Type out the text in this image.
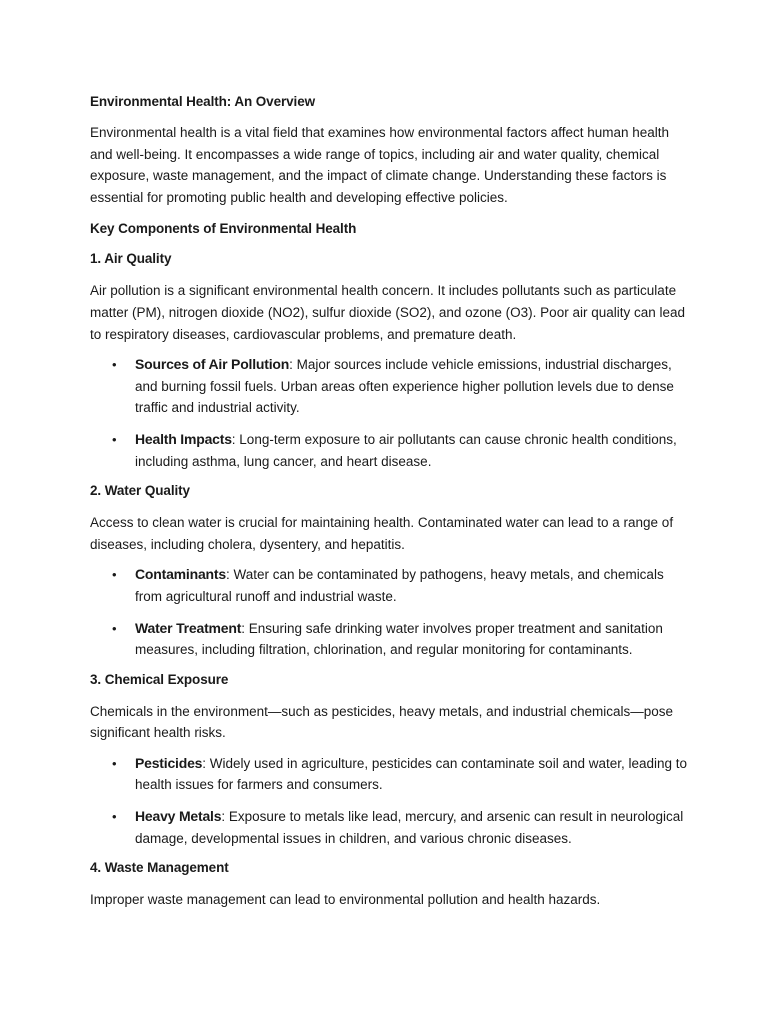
Environmental Health: An Overview

Environmental health is a vital field that examines how environmental factors affect human health and well-being. It encompasses a wide range of topics, including air and water quality, chemical exposure, waste management, and the impact of climate change. Understanding these factors is essential for promoting public health and developing effective policies.

Key Components of Environmental Health
1. Air Quality

Air pollution is a significant environmental health concern. It includes pollutants such as particulate matter (PM), nitrogen dioxide (NO2), sulfur dioxide (SO2), and ozone (O3). Poor air quality can lead to respiratory diseases, cardiovascular problems, and premature death.

• Sources of Air Pollution: Major sources include vehicle emissions, industrial discharges, and burning fossil fuels. Urban areas often experience higher pollution levels due to dense traffic and industrial activity.
• Health Impacts: Long-term exposure to air pollutants can cause chronic health conditions, including asthma, lung cancer, and heart disease.
2. Water Quality

Access to clean water is crucial for maintaining health. Contaminated water can lead to a range of diseases, including cholera, dysentery, and hepatitis.

• Contaminants: Water can be contaminated by pathogens, heavy metals, and chemicals from agricultural runoff and industrial waste.
• Water Treatment: Ensuring safe drinking water involves proper treatment and sanitation measures, including filtration, chlorination, and regular monitoring for contaminants.
3. Chemical Exposure

Chemicals in the environment—such as pesticides, heavy metals, and industrial chemicals—pose significant health risks.

• Pesticides: Widely used in agriculture, pesticides can contaminate soil and water, leading to health issues for farmers and consumers.
• Heavy Metals: Exposure to metals like lead, mercury, and arsenic can result in neurological damage, developmental issues in children, and various chronic diseases.
4. Waste Management

Improper waste management can lead to environmental pollution and health hazards.
